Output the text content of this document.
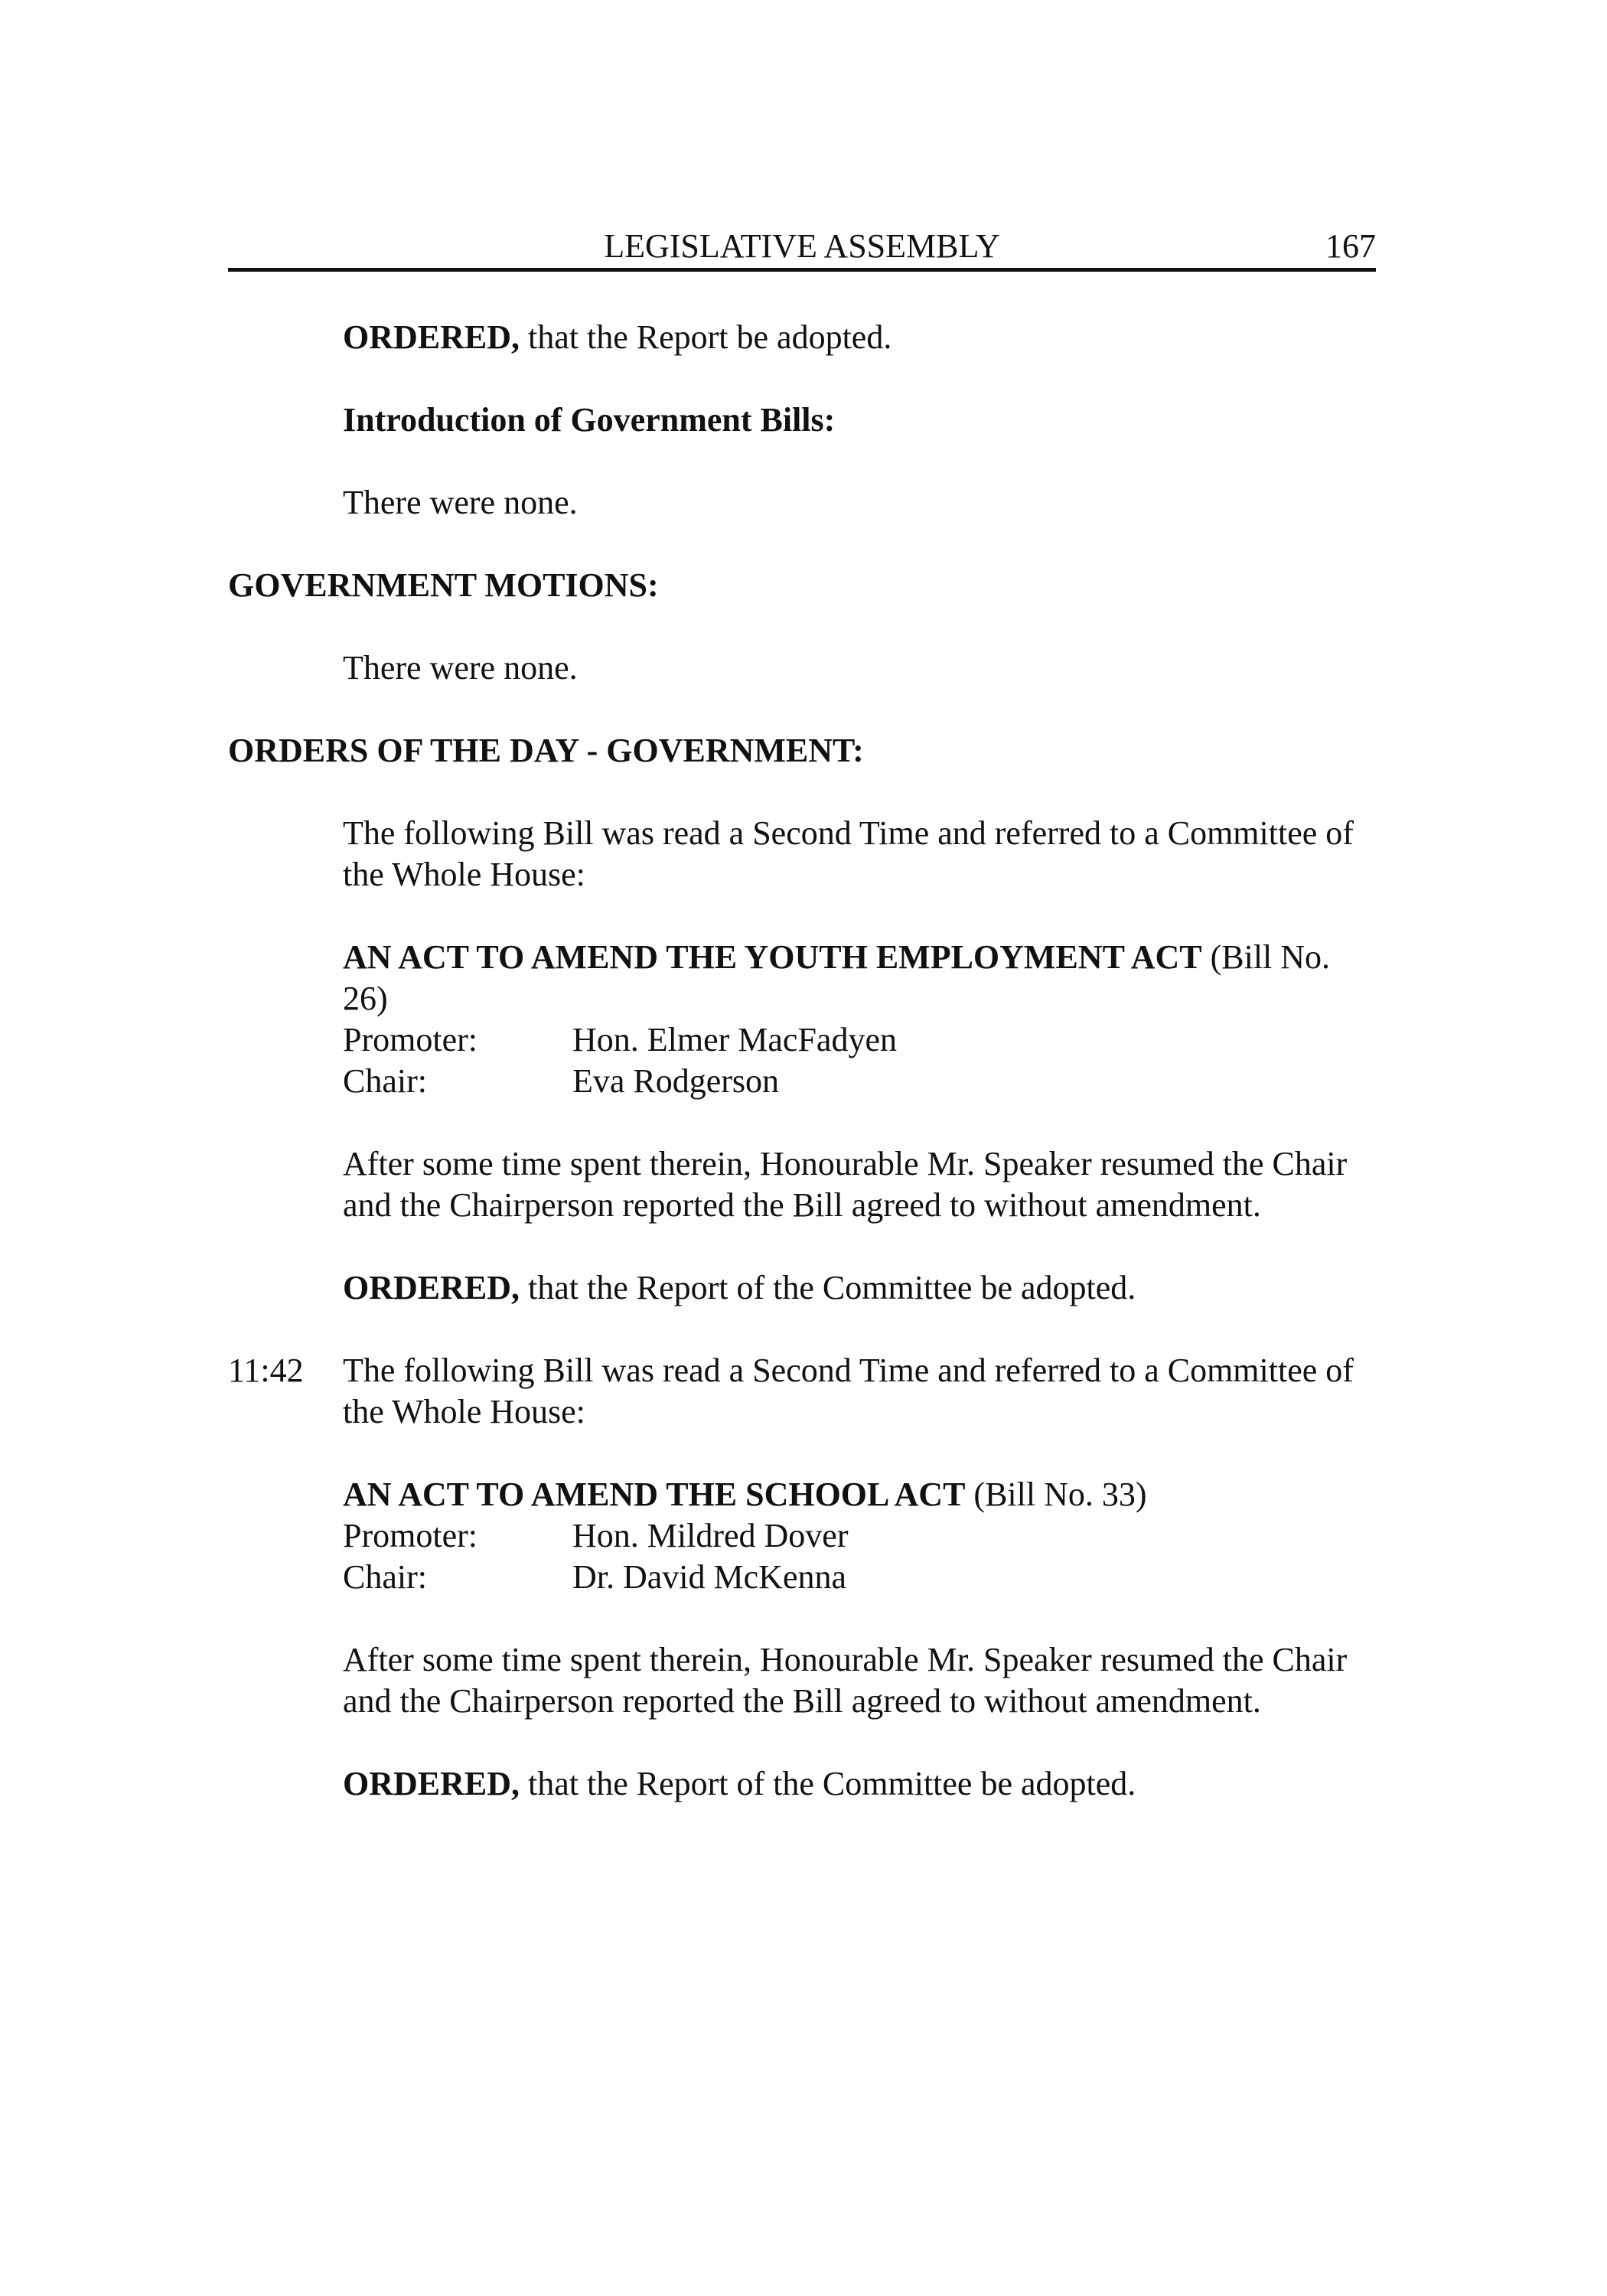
LEGISLATIVE ASSEMBLY	167

ORDERED, that the Report be adopted.

Introduction of Government Bills:

There were none.

GOVERNMENT MOTIONS:

There were none.

ORDERS OF THE DAY - GOVERNMENT:

The following Bill was read a Second Time and referred to a Committee of the Whole House:

AN ACT TO AMEND THE YOUTH EMPLOYMENT ACT (Bill No. 26)

Promoter:	Hon. Elmer MacFadyen
Chair:	Eva Rodgerson

After some time spent therein, Honourable Mr. Speaker resumed the Chair and the Chairperson reported the Bill agreed to without amendment.

ORDERED, that the Report of the Committee be adopted.

11:42 The following Bill was read a Second Time and referred to a Committee of the Whole House:

AN ACT TO AMEND THE SCHOOL ACT (Bill No. 33)

Promoter:	Hon. Mildred Dover
Chair:	Dr. David McKenna

After some time spent therein, Honourable Mr. Speaker resumed the Chair and the Chairperson reported the Bill agreed to without amendment.

ORDERED, that the Report of the Committee be adopted.
